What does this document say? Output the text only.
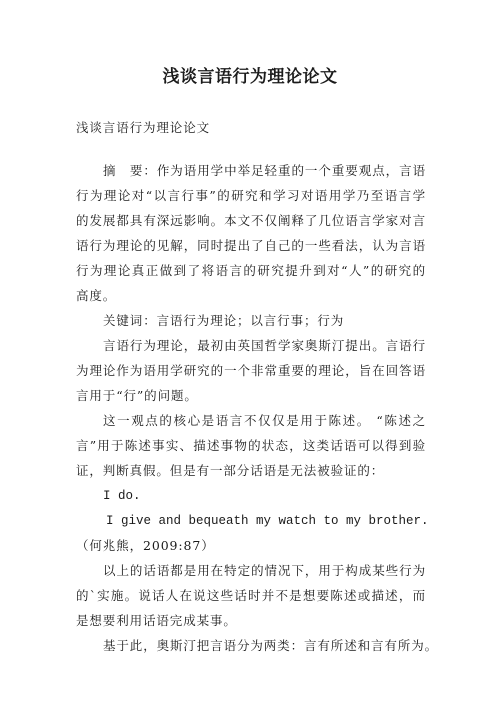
浅谈言语行为理论论文
浅谈言语行为理论论文
摘　要：作为语用学中举足轻重的一个重要观点，言语
行为理论对“以言行事”的研究和学习对语用学乃至语言学
的发展都具有深远影响。本文不仅阐释了几位语言学家对言
语行为理论的见解，同时提出了自己的一些看法，认为言语
行为理论真正做到了将语言的研究提升到对“人”的研究的
高度。
关键词：言语行为理论；以言行事；行为
言语行为理论，最初由英国哲学家奥斯汀提出。言语行
为理论作为语用学研究的一个非常重要的理论，旨在回答语
言用于“行”的问题。
这一观点的核心是语言不仅仅是用于陈述。 “陈述之
言”用于陈述事实、描述事物的状态，这类话语可以得到验
证，判断真假。但是有一部分话语是无法被验证的：
I do.
I give and bequeath my watch to my brother.
（何兆熊，2009:87）
以上的话语都是用在特定的情况下，用于构成某些行为
的`实施。说话人在说这些话时并不是想要陈述或描述，而
是想要利用话语完成某事。
基于此，奥斯汀把言语分为两类：言有所述和言有所为。
